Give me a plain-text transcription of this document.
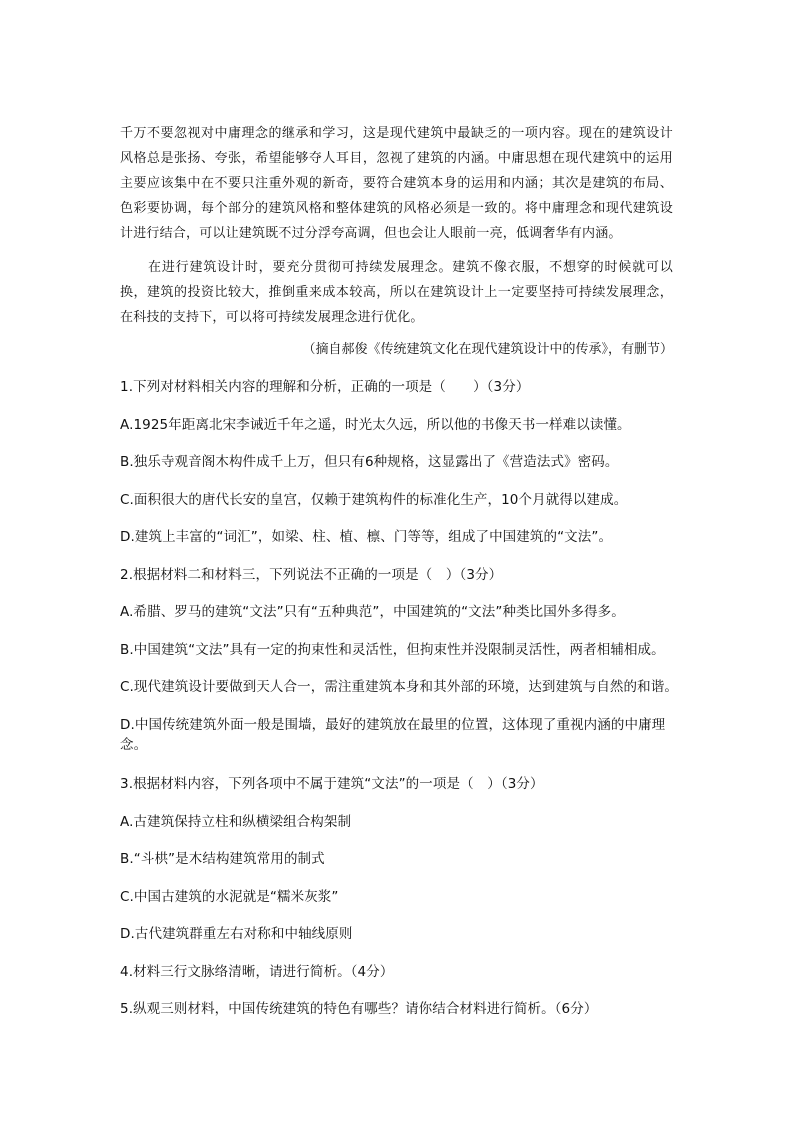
千万不要忽视对中庸理念的继承和学习，这是现代建筑中最缺乏的一项内容。现在的建筑设计风格总是张扬、夸张，希望能够夺人耳目，忽视了建筑的内涵。中庸思想在现代建筑中的运用主要应该集中在不要只注重外观的新奇，要符合建筑本身的运用和内涵；其次是建筑的布局、色彩要协调，每个部分的建筑风格和整体建筑的风格必须是一致的。将中庸理念和现代建筑设计进行结合，可以让建筑既不过分浮夸高调，但也会让人眼前一亮，低调奢华有内涵。

在进行建筑设计时，要充分贯彻可持续发展理念。建筑不像衣服，不想穿的时候就可以换，建筑的投资比较大，推倒重来成本较高，所以在建筑设计上一定要坚持可持续发展理念，在科技的支持下，可以将可持续发展理念进行优化。

（摘自郝俊《传统建筑文化在现代建筑设计中的传承》，有删节）

1.下列对材料相关内容的理解和分析，正确的一项是（　　）（3分）

A.1925年距离北宋李诫近千年之遥，时光太久远，所以他的书像天书一样难以读懂。

B.独乐寺观音阁木构件成千上万，但只有6种规格，这显露出了《营造法式》密码。

C.面积很大的唐代长安的皇宫，仅赖于建筑构件的标准化生产，10个月就得以建成。

D.建筑上丰富的“词汇”，如梁、柱、植、檩、门等等，组成了中国建筑的“文法”。

2.根据材料二和材料三，下列说法不正确的一项是（　）（3分）

A.希腊、罗马的建筑“文法”只有“五种典范”，中国建筑的“文法”种类比国外多得多。

B.中国建筑“文法”具有一定的拘束性和灵活性，但拘束性并没限制灵活性，两者相辅相成。

C.现代建筑设计要做到天人合一，需注重建筑本身和其外部的环境，达到建筑与自然的和谐。

D.中国传统建筑外面一般是围墙，最好的建筑放在最里的位置，这体现了重视内涵的中庸理念。

3.根据材料内容，下列各项中不属于建筑“文法”的一项是（　）（3分）

A.古建筑保持立柱和纵横梁组合构架制

B.“斗栱”是木结构建筑常用的制式

C.中国古建筑的水泥就是“糯米灰浆”

D.古代建筑群重左右对称和中轴线原则

4.材料三行文脉络清晰，请进行简析。（4分）

5.纵观三则材料，中国传统建筑的特色有哪些？请你结合材料进行简析。（6分）
